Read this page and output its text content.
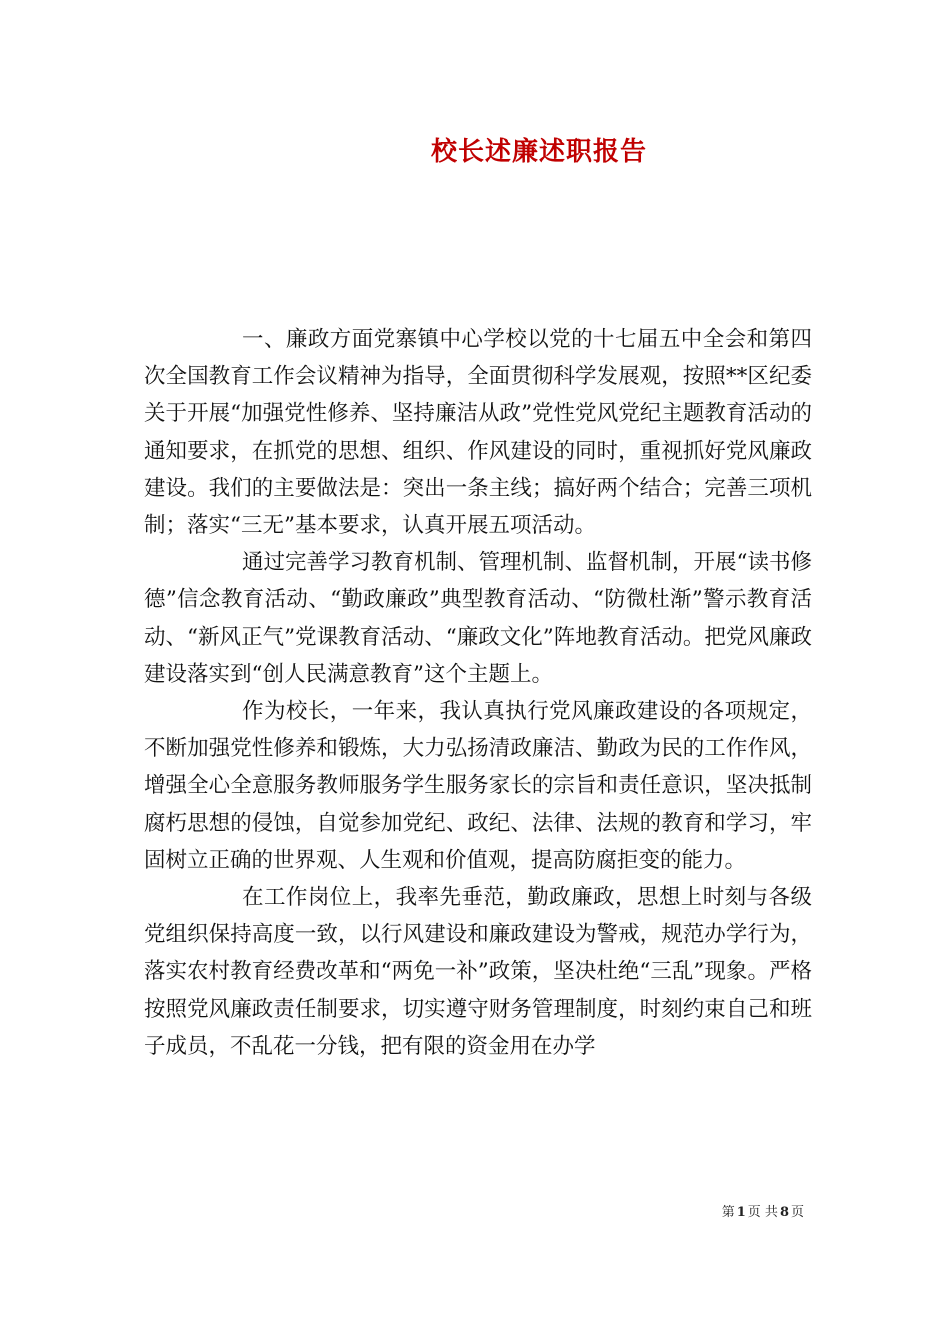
校长述廉述职报告

一、廉政方面党寨镇中心学校以党的十七届五中全会和第四次全国教育工作会议精神为指导，全面贯彻科学发展观，按照**区纪委关于开展“加强党性修养、坚持廉洁从政”党性党风党纪主题教育活动的通知要求，在抓党的思想、组织、作风建设的同时，重视抓好党风廉政建设。我们的主要做法是：突出一条主线；搞好两个结合；完善三项机制；落实“三无”基本要求，认真开展五项活动。

通过完善学习教育机制、管理机制、监督机制，开展“读书修德”信念教育活动、“勤政廉政”典型教育活动、“防微杜渐”警示教育活动、“新风正气”党课教育活动、“廉政文化”阵地教育活动。把党风廉政建设落实到“创人民满意教育”这个主题上。

作为校长，一年来，我认真执行党风廉政建设的各项规定，不断加强党性修养和锻炼，大力弘扬清政廉洁、勤政为民的工作作风，增强全心全意服务教师服务学生服务家长的宗旨和责任意识，坚决抵制腐朽思想的侵蚀，自觉参加党纪、政纪、法律、法规的教育和学习，牢固树立正确的世界观、人生观和价值观，提高防腐拒变的能力。

在工作岗位上，我率先垂范，勤政廉政，思想上时刻与各级党组织保持高度一致，以行风建设和廉政建设为警戒，规范办学行为，落实农村教育经费改革和“两免一补”政策，坚决杜绝“三乱”现象。严格按照党风廉政责任制要求，切实遵守财务管理制度，时刻约束自己和班子成员，不乱花一分钱，把有限的资金用在办学

第 1 页 共 8 页
